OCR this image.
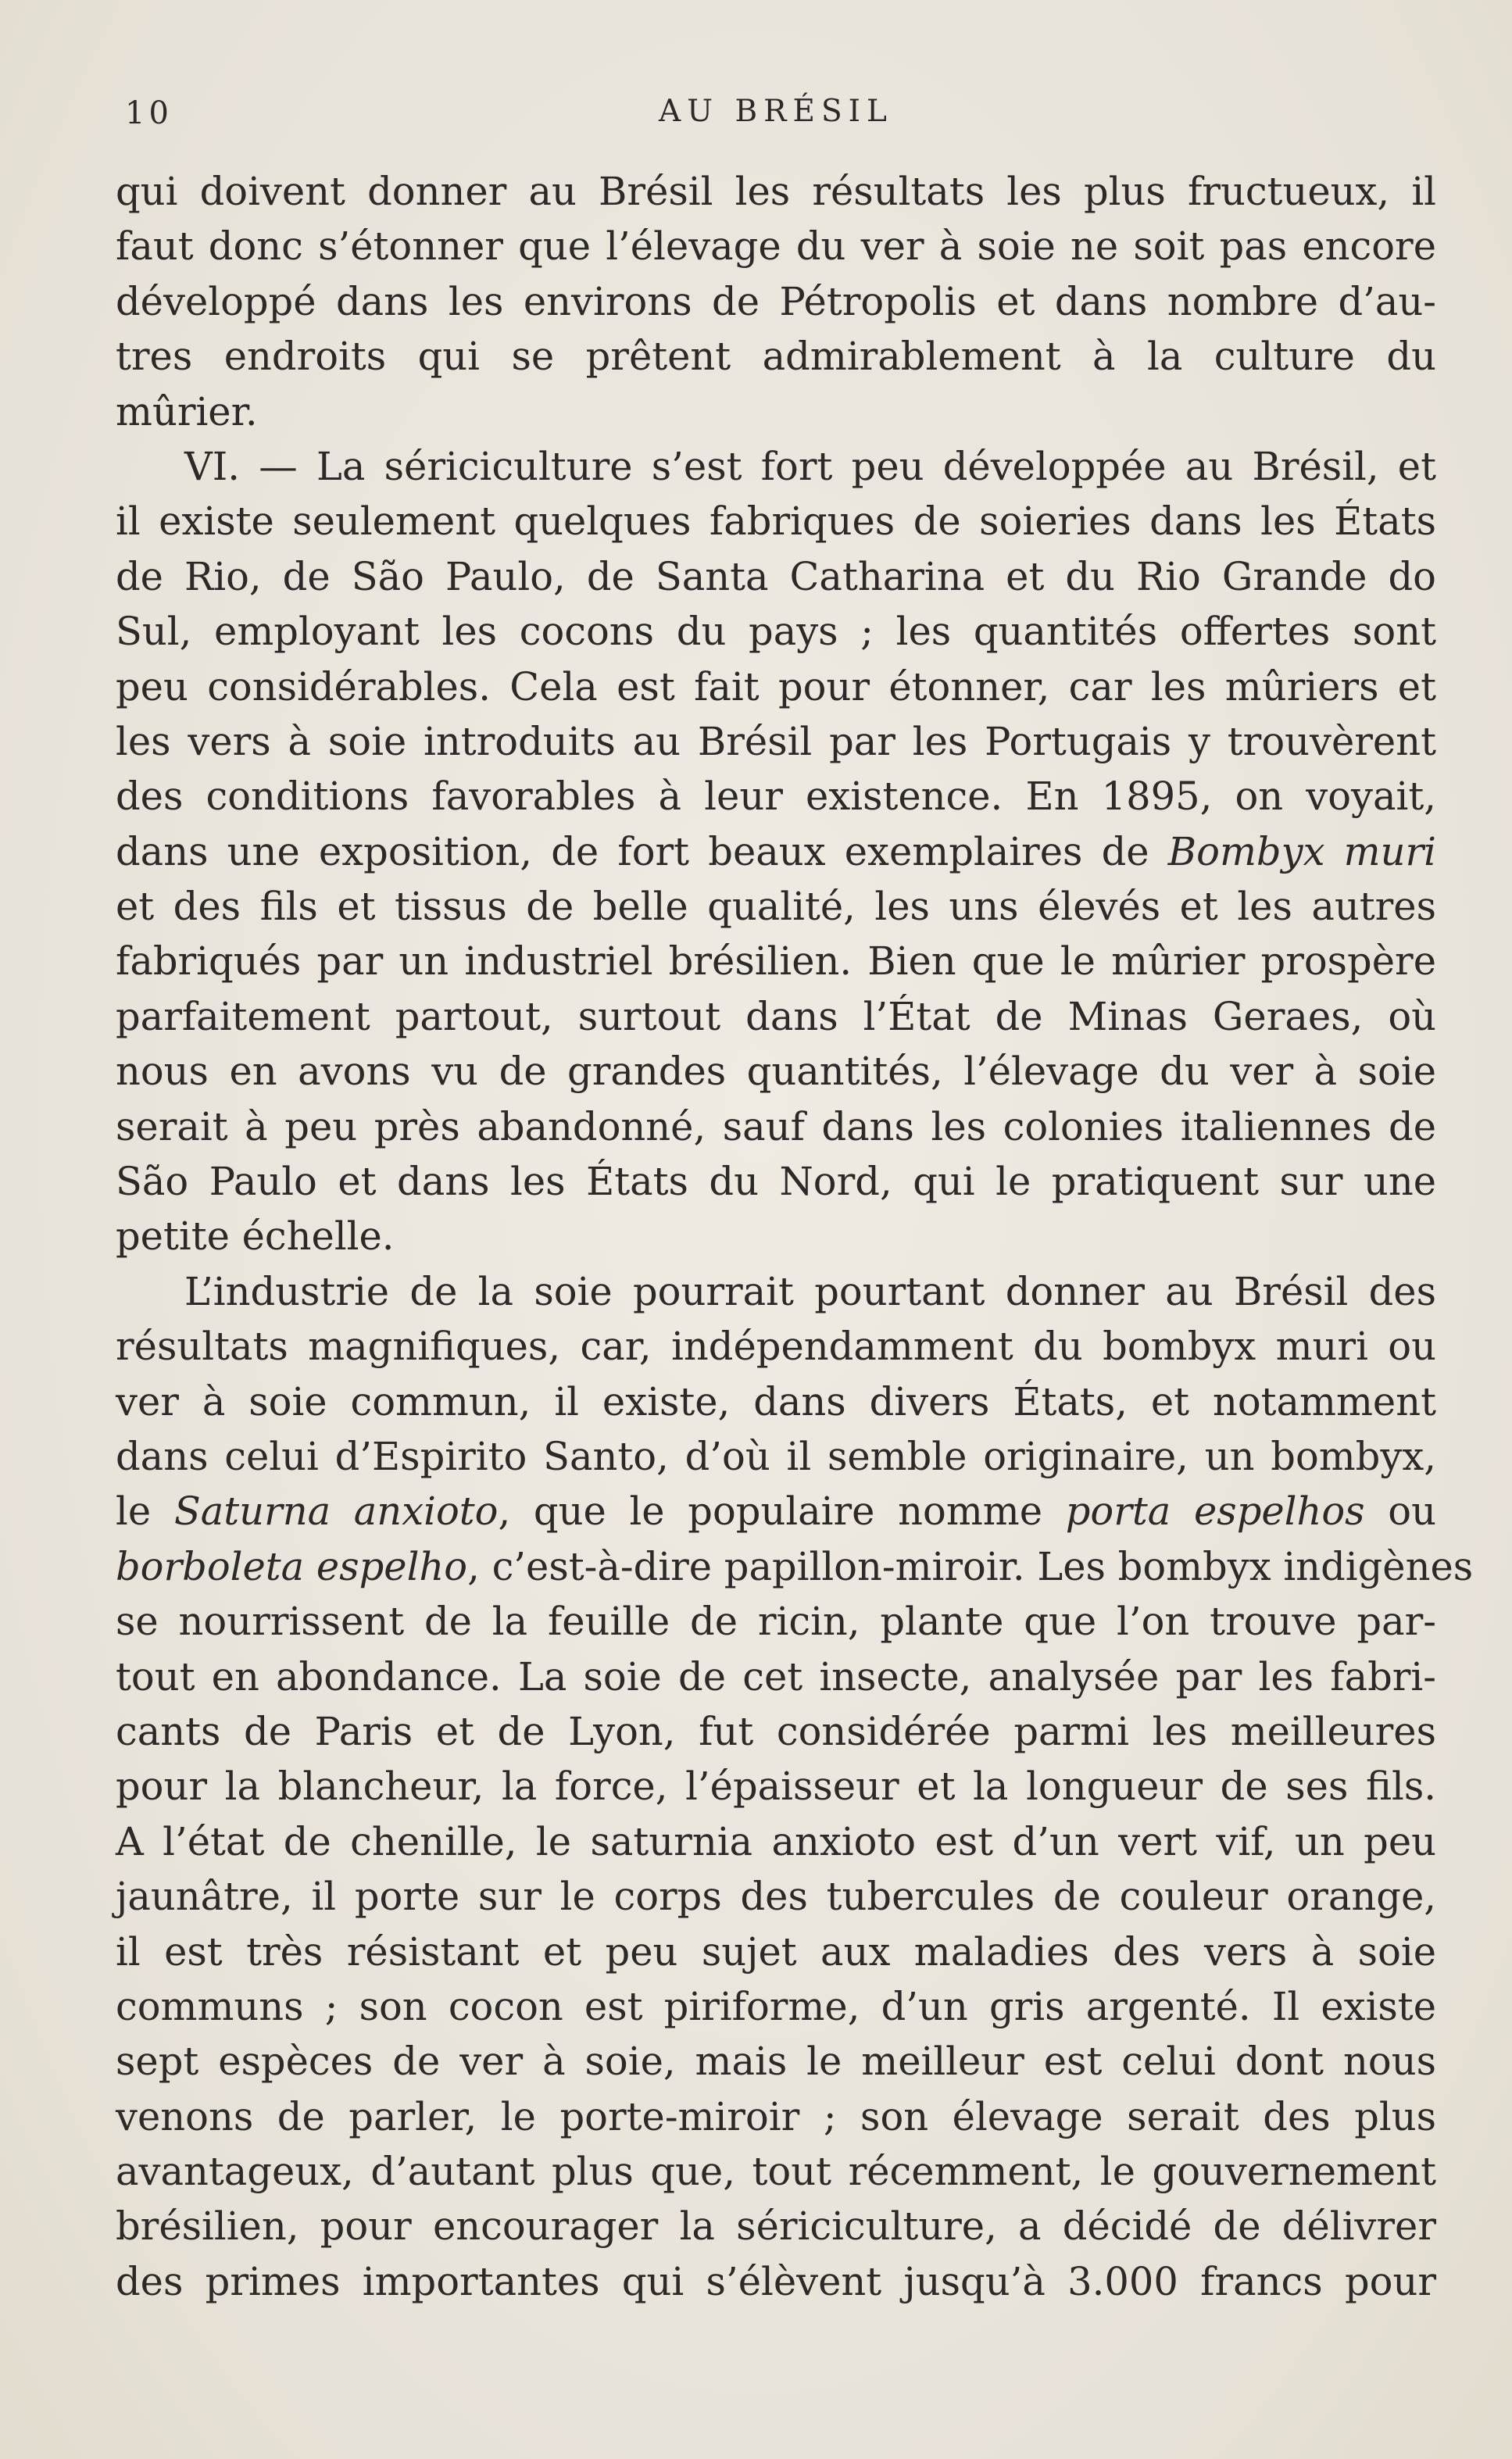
10	AU BRÉSIL
qui doivent donner au Brésil les résultats les plus fructueux, il
faut donc s’étonner que l’élevage du ver à soie ne soit pas encore
développé dans les environs de Pétropolis et dans nombre d’au-
tres endroits qui se prêtent admirablement à la culture du
mûrier.
VI. — La sériciculture s’est fort peu développée au Brésil, et
il existe seulement quelques fabriques de soieries dans les États
de Rio, de São Paulo, de Santa Catharina et du Rio Grande do
Sul, employant les cocons du pays ; les quantités offertes sont
peu considérables. Cela est fait pour étonner, car les mûriers et
les vers à soie introduits au Brésil par les Portugais y trouvèrent
des conditions favorables à leur existence. En 1895, on voyait,
dans une exposition, de fort beaux exemplaires de Bombyx muri
et des fils et tissus de belle qualité, les uns élevés et les autres
fabriqués par un industriel brésilien. Bien que le mûrier prospère
parfaitement partout, surtout dans l’État de Minas Geraes, où
nous en avons vu de grandes quantités, l’élevage du ver à soie
serait à peu près abandonné, sauf dans les colonies italiennes de
São Paulo et dans les États du Nord, qui le pratiquent sur une
petite échelle.
L’industrie de la soie pourrait pourtant donner au Brésil des
résultats magnifiques, car, indépendamment du bombyx muri ou
ver à soie commun, il existe, dans divers États, et notamment
dans celui d’Espirito Santo, d’où il semble originaire, un bombyx,
le Saturna anxioto, que le populaire nomme porta espelhos ou
borboleta espelho, c’est-à-dire papillon-miroir. Les bombyx indigènes
se nourrissent de la feuille de ricin, plante que l’on trouve par-
tout en abondance. La soie de cet insecte, analysée par les fabri-
cants de Paris et de Lyon, fut considérée parmi les meilleures
pour la blancheur, la force, l’épaisseur et la longueur de ses fils.
A l’état de chenille, le saturnia anxioto est d’un vert vif, un peu
jaunâtre, il porte sur le corps des tubercules de couleur orange,
il est très résistant et peu sujet aux maladies des vers à soie
communs ; son cocon est piriforme, d’un gris argenté. Il existe
sept espèces de ver à soie, mais le meilleur est celui dont nous
venons de parler, le porte-miroir ; son élevage serait des plus
avantageux, d’autant plus que, tout récemment, le gouvernement
brésilien, pour encourager la sériciculture, a décidé de délivrer
des primes importantes qui s’élèvent jusqu’à 3.000 francs pour
